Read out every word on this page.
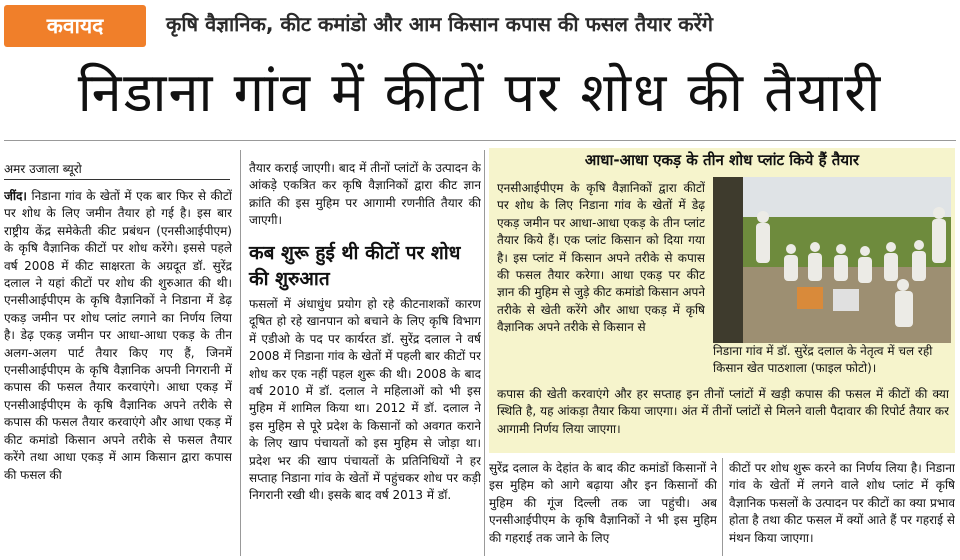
कवायद	कृषि वैज्ञानिक, कीट कमांडो और आम किसान कपास की फसल तैयार करेंगे
निडाना गांव में कीटों पर शोध की तैयारी
अमर उजाला ब्यूरो

जींद। निडाना गांव के खेतों में एक बार फिर से कीटों पर शोध के लिए जमीन तैयार हो गई है। इस बार राष्ट्रीय केंद्र समेकेती कीट प्रबंधन (एनसीआईपीएम) के कृषि वैज्ञानिक कीटों पर शोध करेंगे। इससे पहले वर्ष 2008 में कीट साक्षरता के अग्रदूत डॉ. सुरेंद्र दलाल ने यहां कीटों पर शोध की शुरुआत की थी। एनसीआईपीएम के कृषि वैज्ञानिकों ने निडाना में डेढ़ एकड़ जमीन पर शोध प्लांट लगाने का निर्णय लिया है। डेढ़ एकड़ जमीन पर आधा-आधा एकड़ के तीन अलग-अलग पार्ट तैयार किए गए हैं, जिनमें एनसीआईपीएम के कृषि वैज्ञानिक अपनी निगरानी में कपास की फसल तैयार करवाएंगे। आधा एकड़ में एनसीआईपीएम के कृषि वैज्ञानिक अपने तरीके से कपास की फसल तैयार करवाएंगे और आधा एकड़ में कीट कमांडो किसान अपने तरीके से फसल तैयार करेंगे तथा आधा एकड़ में आम किसान द्वारा कपास की फसल की

तैयार कराई जाएगी। बाद में तीनों प्लांटों के उत्पादन के आंकड़े एकत्रित कर कृषि वैज्ञानिकों द्वारा कीट ज्ञान क्रांति की इस मुहिम पर आगामी रणनीति तैयार की जाएगी।

कब शुरू हुई थी कीटों पर शोध की शुरुआत

फसलों में अंधाधुंध प्रयोग हो रहे कीटनाशकों कारण दूषित हो रहे खानपान को बचाने के लिए कृषि विभाग में एडीओ के पद पर कार्यरत डॉ. सुरेंद्र दलाल ने वर्ष 2008 में निडाना गांव के खेतों में पहली बार कीटों पर शोध कर एक नहीं पहल शुरू की थी। 2008 के बाद वर्ष 2010 में डॉ. दलाल ने महिलाओं को भी इस मुहिम में शामिल किया था। 2012 में डॉ. दलाल ने इस मुहिम से पूरे प्रदेश के किसानों को अवगत कराने के लिए खाप पंचायतों को इस मुहिम से जोड़ा था। प्रदेश भर की खाप पंचायतों के प्रतिनिधियों ने हर सप्ताह निडाना गांव के खेतों में पहुंचकर शोध पर कड़ी निगरानी रखी थी। इसके बाद वर्ष 2013 में डॉ.

आधा-आधा एकड़ के तीन शोध प्लांट किये हैं तैयार

एनसीआईपीएम के कृषि वैज्ञानिकों द्वारा कीटों पर शोध के लिए निडाना गांव के खेतों में डेढ़ एकड़ जमीन पर आधा-आधा एकड़ के तीन प्लांट तैयार किये हैं। एक प्लांट किसान को दिया गया है। इस प्लांट में किसान अपने तरीके से कपास की फसल तैयार करेगा। आधा एकड़ पर कीट ज्ञान की मुहिम से जुड़े कीट कमांडो किसान अपने तरीके से खेती करेंगे और आधा एकड़ में कृषि वैज्ञानिक अपने तरीके से किसान से

निडाना गांव में डॉ. सुरेंद्र दलाल के नेतृत्व में चल रही किसान खेत पाठशाला (फाइल फोटो)।

कपास की खेती करवाएंगे और हर सप्ताह इन तीनों प्लांटों में खड़ी कपास की फसल में कीटों की क्या स्थिति है, यह आंकड़ा तैयार किया जाएगा। अंत में तीनों प्लांटों से मिलने वाली पैदावार की रिपोर्ट तैयार कर आगामी निर्णय लिया जाएगा।

सुरेंद्र दलाल के देहांत के बाद कीट कमांडों किसानों ने इस मुहिम को आगे बढ़ाया और इन किसानों की मुहिम की गूंज दिल्ली तक जा पहुंची। अब एनसीआईपीएम के कृषि वैज्ञानिकों ने भी इस मुहिम की गहराई तक जाने के लिए

कीटों पर शोध शुरू करने का निर्णय लिया है। निडाना गांव के खेतों में लगने वाले शोध प्लांट में कृषि वैज्ञानिक फसलों के उत्पादन पर कीटों का क्या प्रभाव होता है तथा कीट फसल में क्यों आते हैं पर गहराई से मंथन किया जाएगा।
